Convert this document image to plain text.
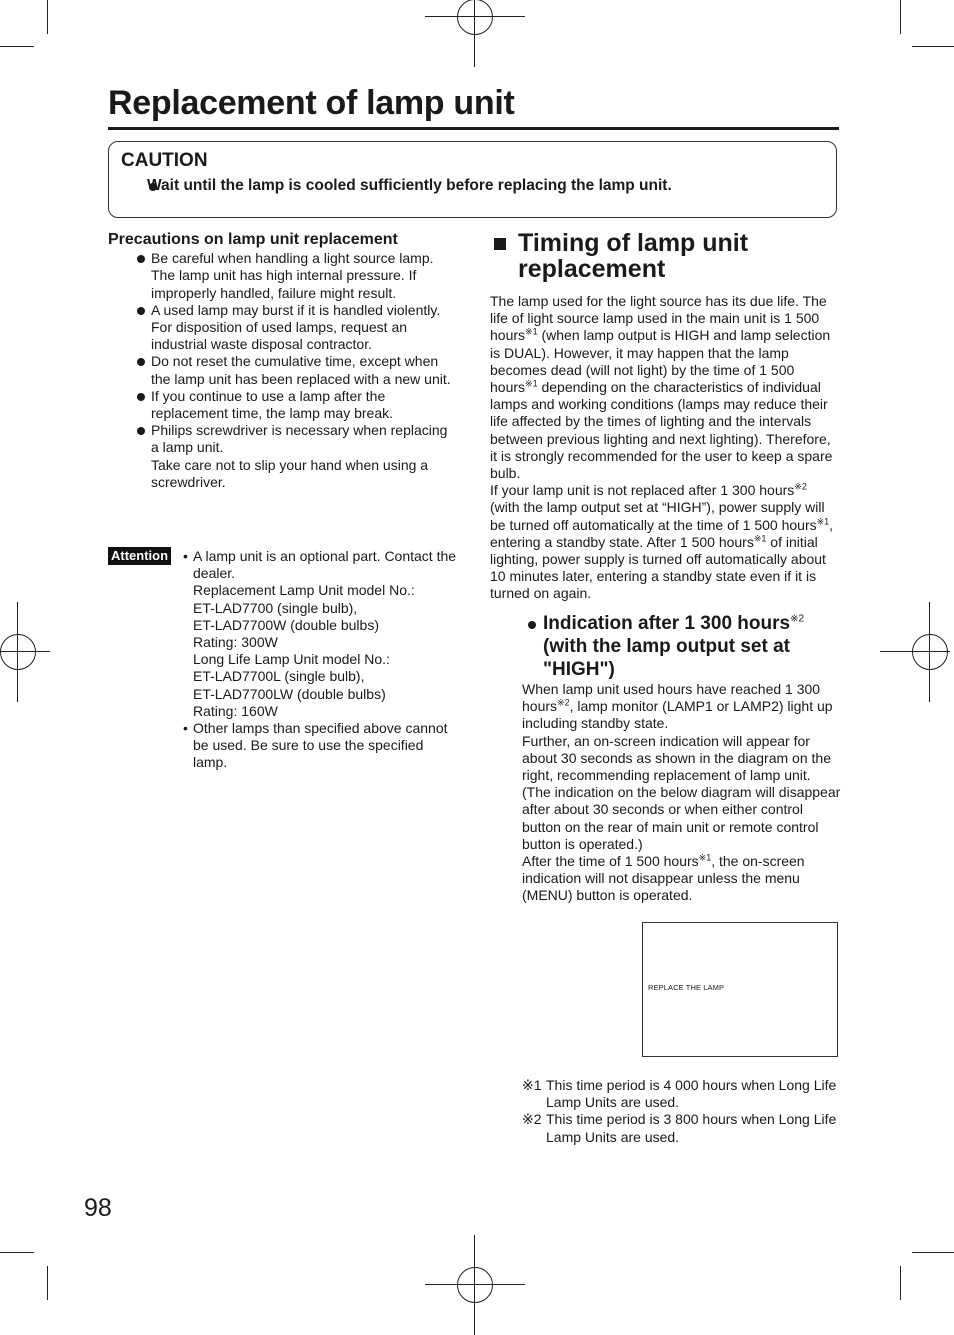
Replacement of lamp unit
CAUTION
Wait until the lamp is cooled sufficiently before replacing the lamp unit.
Precautions on lamp unit replacement
Be careful when handling a light source lamp.
The lamp unit has high internal pressure. If improperly handled, failure might result.
A used lamp may burst if it is handled violently.
For disposition of used lamps, request an industrial waste disposal contractor.
Do not reset the cumulative time, except when the lamp unit has been replaced with a new unit.
If you continue to use a lamp after the replacement time, the lamp may break.
Philips screwdriver is necessary when replacing a lamp unit.
Take care not to slip your hand when using a screwdriver.
Attention • A lamp unit is an optional part. Contact the dealer.
Replacement Lamp Unit model No.:
ET-LAD7700 (single bulb),
ET-LAD7700W (double bulbs)
Rating: 300W
Long Life Lamp Unit model No.:
ET-LAD7700L (single bulb),
ET-LAD7700LW (double bulbs)
Rating: 160W
• Other lamps than specified above cannot be used. Be sure to use the specified lamp.
Timing of lamp unit
replacement
The lamp used for the light source has its due life. The life of light source lamp used in the main unit is 1 500 hours$^{※1}$ (when lamp output is HIGH and lamp selection is DUAL). However, it may happen that the lamp becomes dead (will not light) by the time of 1 500 hours$^{※1}$ depending on the characteristics of individual lamps and working conditions (lamps may reduce their life affected by the times of lighting and the intervals between previous lighting and next lighting). Therefore, it is strongly recommended for the user to keep a spare bulb.
If your lamp unit is not replaced after 1 300 hours$^{※2}$ (with the lamp output set at “HIGH”), power supply will be turned off automatically at the time of 1 500 hours$^{※1}$, entering a standby state. After 1 500 hours$^{※1}$ of initial lighting, power supply is turned off automatically about 10 minutes later, entering a standby state even if it is turned on again.
Indication after 1 300 hours$^{※2}$ (with the lamp output set at "HIGH")
When lamp unit used hours have reached 1 300 hours$^{※2}$, lamp monitor (LAMP1 or LAMP2) light up including standby state.
Further, an on-screen indication will appear for about 30 seconds as shown in the diagram on the right, recommending replacement of lamp unit.
(The indication on the below diagram will disappear after about 30 seconds or when either control button on the rear of main unit or remote control button is operated.)
After the time of 1 500 hours$^{※1}$, the on-screen indication will not disappear unless the menu (MENU) button is operated.
REPLACE THE LAMP
※1 This time period is 4 000 hours when Long Life Lamp Units are used.
※2 This time period is 3 800 hours when Long Life Lamp Units are used.
98
